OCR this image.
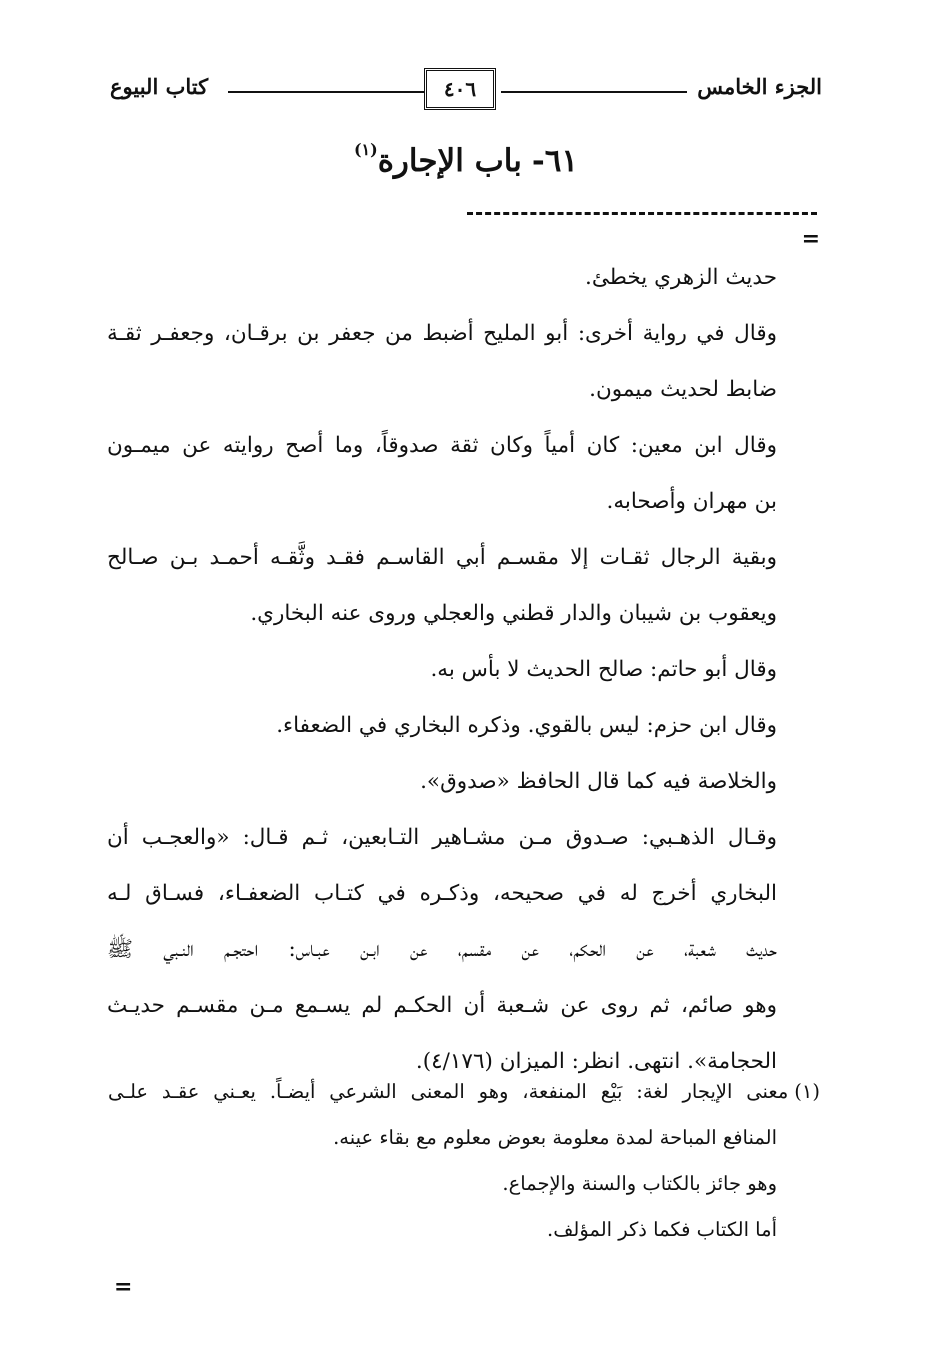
الجزء الخامس
٤٠٦
كتاب البيوع
٦١-باب الإجارة$^{(١)}$
=
حديث الزهري يخطئ.
وقال في رواية أخرى: أبو المليح أضبط من جعفر بن برقـان، وجعفـر ثقـة
ضابط لحديث ميمون.
وقال ابن معين: كان أمياً وكان ثقة صدوقاً، وما أصح روايته عن ميمـون
بن مهران وأصحابه.
وبقية الرجال ثقـات إلا مقسـم أبي القاسـم فقـد وثَّقـه أحمـد بـن صـالح
ويعقوب بن شيبان والدار قطني والعجلي وروى عنه البخاري.
وقال أبو حاتم: صالح الحديث لا بأس به.
وقال ابن حزم: ليس بالقوي. وذكره البخاري في الضعفاء.
والخلاصة فيه كما قال الحافظ «صدوق».
وقـال الذهـبي: صـدوق مـن مشـاهير التـابعين، ثـم قـال: «والعجـب أن
البخاري أخرج له في صحيحه، وذكـره في كتـاب الضعفـاء، فسـاق لـه
حديث شعبة، عن الحكم، عن مقسم، عن ابـن عبـاس: احتجـم النـبي ﷺ
وهو صائم، ثم روى عن شـعبة أن الحكـم لم يسـمع مـن مقسـم حديـث
الحجامة». انتهى. انظر: الميزان (٤/١٧٦).
(١)معنى الإيجار لغة: بَيْع المنفعة، وهو المعنى الشرعي أيضـاً. يعـني عقـد علـى
المنافع المباحة لمدة معلومة بعوض معلوم مع بقاء عينه.
وهو جائز بالكتاب والسنة والإجماع.
أما الكتاب فكما ذكر المؤلف.
=
